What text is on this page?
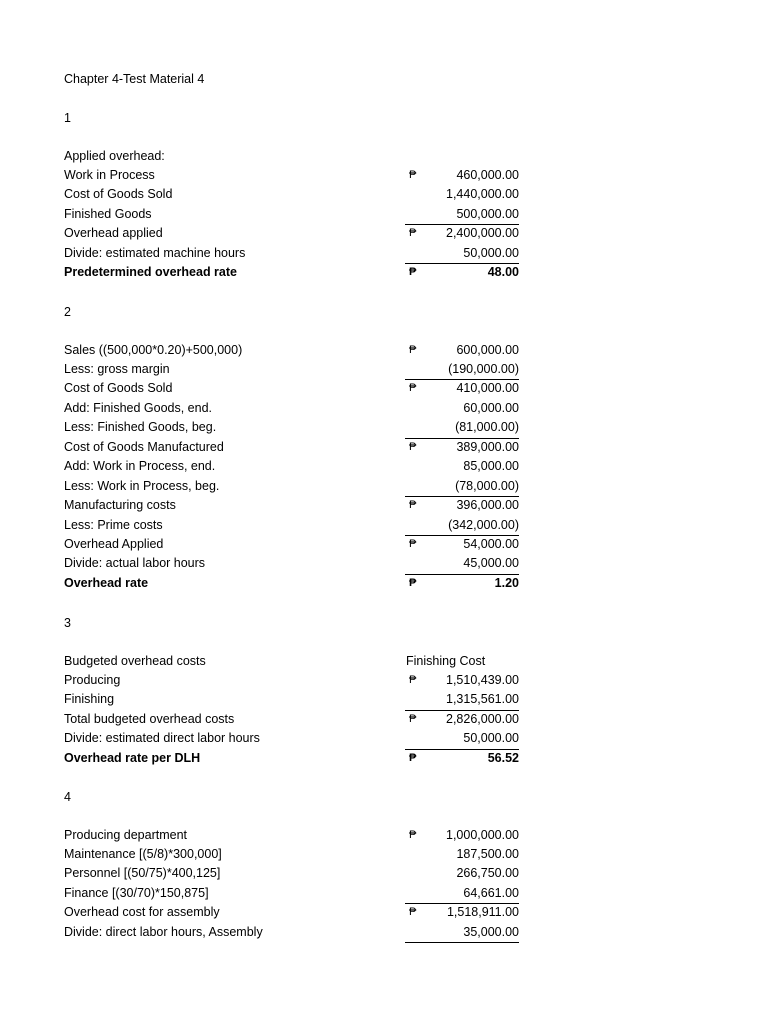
Chapter 4-Test Material 4
1
Applied overhead:
Work in Process	₱	460,000.00
Cost of Goods Sold	1,440,000.00
Finished Goods	500,000.00
Overhead applied	₱ 2,400,000.00
Divide: estimated machine hours	50,000.00
Predetermined overhead rate	₱	48.00
2
Sales ((500,000*0.20)+500,000)	₱	600,000.00
Less: gross margin	(190,000.00)
Cost of Goods Sold	₱	410,000.00
Add: Finished Goods, end.	60,000.00
Less: Finished Goods, beg.	(81,000.00)
Cost of Goods Manufactured	₱	389,000.00
Add: Work in Process, end.	85,000.00
Less: Work in Process, beg.	(78,000.00)
Manufacturing costs	₱	396,000.00
Less: Prime costs	(342,000.00)
Overhead Applied	₱	54,000.00
Divide: actual labor hours	45,000.00
Overhead rate	₱	1.20
3
Budgeted overhead costs	Finishing Cost
Producing	₱ 1,510,439.00
Finishing	1,315,561.00
Total budgeted overhead costs	₱ 2,826,000.00
Divide: estimated direct labor hours	50,000.00
Overhead rate per DLH	₱	56.52
4
Producing department	₱ 1,000,000.00
Maintenance [(5/8)*300,000]	187,500.00
Personnel [(50/75)*400,125]	266,750.00
Finance [(30/70)*150,875]	64,661.00
Overhead cost for assembly	₱ 1,518,911.00
Divide: direct labor hours, Assembly	35,000.00
